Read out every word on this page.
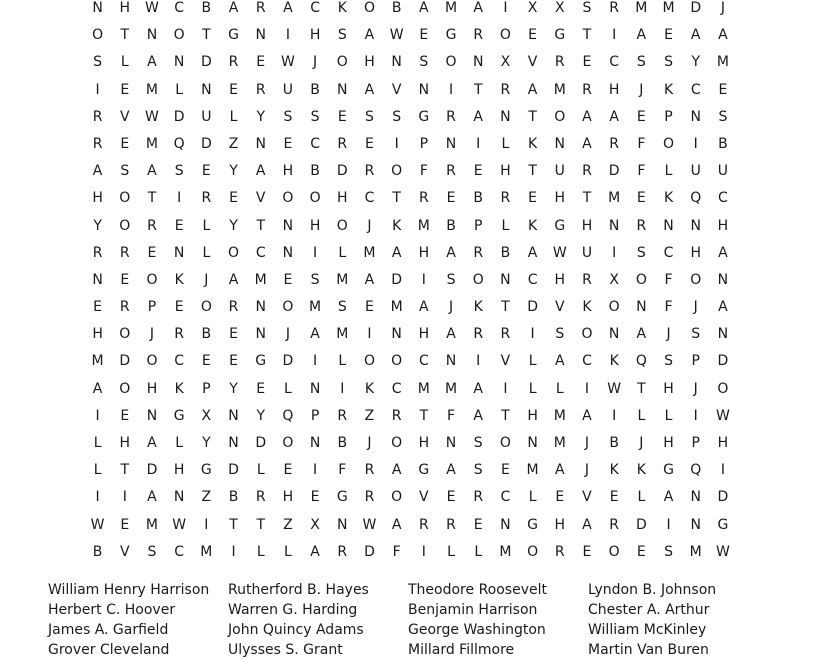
N	H	W	C	B	A	R	A	C	K	O	B	A	M	A	I	X	X	S	R	M	M	D	J
O	T	N	O	T	G	N	I	H	S	A	W	E	G	R	O	E	G	T	I	A	E	A	A
S	L	A	N	D	R	E	W	J	O	H	N	S	O	N	X	V	R	E	C	S	S	Y	M
I	E	M	L	N	E	R	U	B	N	A	V	N	I	T	R	A	M	R	H	J	K	C	E
R	V	W	D	U	L	Y	S	S	E	S	S	G	R	A	N	T	O	A	A	E	P	N	S
R	E	M	Q	D	Z	N	E	C	R	E	I	P	N	I	L	K	N	A	R	F	O	I	B
A	S	A	S	E	Y	A	H	B	D	R	O	F	R	E	H	T	U	R	D	F	L	U	U
H	O	T	I	R	E	V	O	O	H	C	T	R	E	B	R	E	H	T	M	E	K	Q	C
Y	O	R	E	L	Y	T	N	H	O	J	K	M	B	P	L	K	G	H	N	R	N	N	H
R	R	E	N	L	O	C	N	I	L	M	A	H	A	R	B	A	W	U	I	S	C	H	A
N	E	O	K	J	A	M	E	S	M	A	D	I	S	O	N	C	H	R	X	O	F	O	N
E	R	P	E	O	R	N	O	M	S	E	M	A	J	K	T	D	V	K	O	N	F	J	A
H	O	J	R	B	E	N	J	A	M	I	N	H	A	R	R	I	S	O	N	A	J	S	N
M	D	O	C	E	E	G	D	I	L	O	O	C	N	I	V	L	A	C	K	Q	S	P	D
A	O	H	K	P	Y	E	L	N	I	K	C	M	M	A	I	L	L	I	W	T	H	J	O
I	E	N	G	X	N	Y	Q	P	R	Z	R	T	F	A	T	H	M	A	I	L	L	I	W
L	H	A	L	Y	N	D	O	N	B	J	O	H	N	S	O	N	M	J	B	J	H	P	H
L	T	D	H	G	D	L	E	I	F	R	A	G	A	S	E	M	A	J	K	K	G	Q	I
I	I	A	N	Z	B	R	H	E	G	R	O	V	E	R	C	L	E	V	E	L	A	N	D
W	E	M	W	I	T	T	Z	X	N	W	A	R	R	E	N	G	H	A	R	D	I	N	G
B	V	S	C	M	I	L	L	A	R	D	F	I	L	L	M	O	R	E	O	E	S	M	W
William Henry Harrison
Herbert C. Hoover
James A. Garfield
Grover Cleveland
Rutherford B. Hayes
Warren G. Harding
John Quincy Adams
Ulysses S. Grant
Theodore Roosevelt
Benjamin Harrison
George Washington
Millard Fillmore
Lyndon B. Johnson
Chester A. Arthur
William McKinley
Martin Van Buren
